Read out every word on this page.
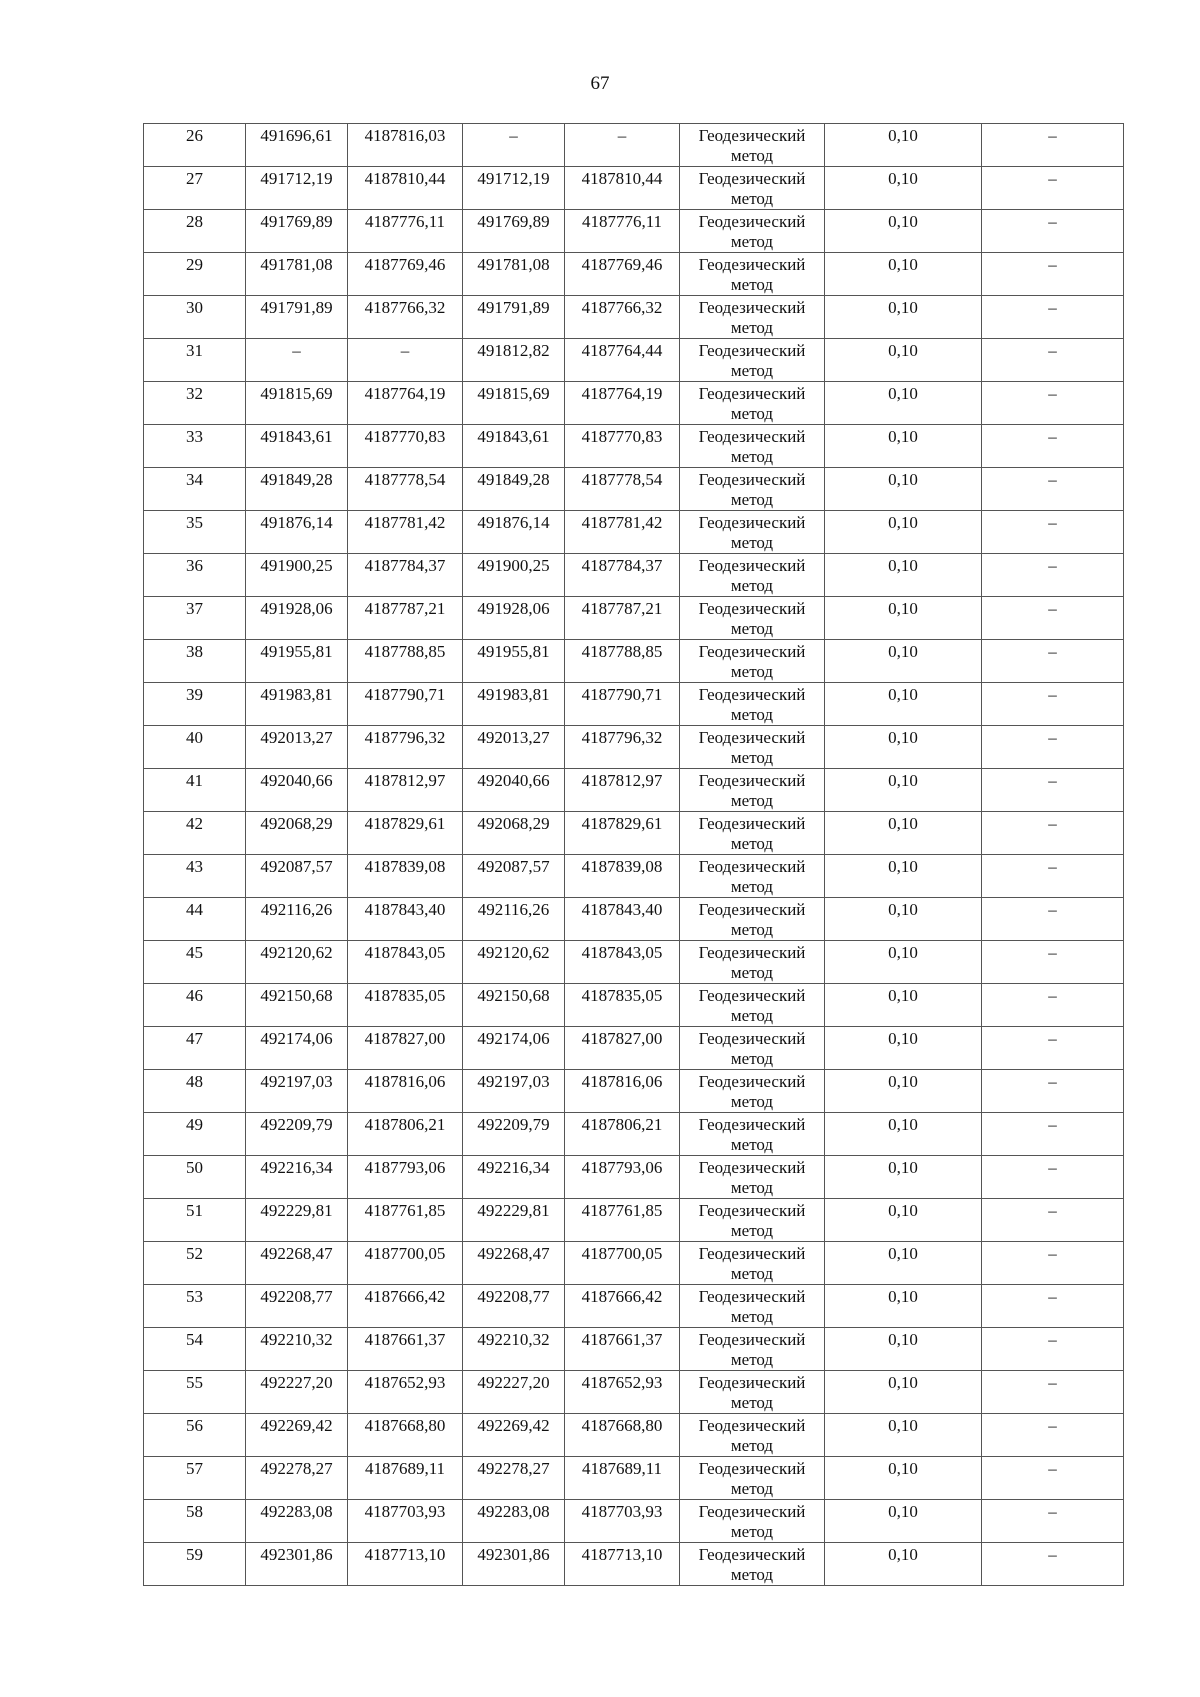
67
26	491696,61	4187816,03	–	–	Геодезический метод	0,10	–
27	491712,19	4187810,44	491712,19	4187810,44	Геодезический метод	0,10	–
28	491769,89	4187776,11	491769,89	4187776,11	Геодезический метод	0,10	–
29	491781,08	4187769,46	491781,08	4187769,46	Геодезический метод	0,10	–
30	491791,89	4187766,32	491791,89	4187766,32	Геодезический метод	0,10	–
31	–	–	491812,82	4187764,44	Геодезический метод	0,10	–
32	491815,69	4187764,19	491815,69	4187764,19	Геодезический метод	0,10	–
33	491843,61	4187770,83	491843,61	4187770,83	Геодезический метод	0,10	–
34	491849,28	4187778,54	491849,28	4187778,54	Геодезический метод	0,10	–
35	491876,14	4187781,42	491876,14	4187781,42	Геодезический метод	0,10	–
36	491900,25	4187784,37	491900,25	4187784,37	Геодезический метод	0,10	–
37	491928,06	4187787,21	491928,06	4187787,21	Геодезический метод	0,10	–
38	491955,81	4187788,85	491955,81	4187788,85	Геодезический метод	0,10	–
39	491983,81	4187790,71	491983,81	4187790,71	Геодезический метод	0,10	–
40	492013,27	4187796,32	492013,27	4187796,32	Геодезический метод	0,10	–
41	492040,66	4187812,97	492040,66	4187812,97	Геодезический метод	0,10	–
42	492068,29	4187829,61	492068,29	4187829,61	Геодезический метод	0,10	–
43	492087,57	4187839,08	492087,57	4187839,08	Геодезический метод	0,10	–
44	492116,26	4187843,40	492116,26	4187843,40	Геодезический метод	0,10	–
45	492120,62	4187843,05	492120,62	4187843,05	Геодезический метод	0,10	–
46	492150,68	4187835,05	492150,68	4187835,05	Геодезический метод	0,10	–
47	492174,06	4187827,00	492174,06	4187827,00	Геодезический метод	0,10	–
48	492197,03	4187816,06	492197,03	4187816,06	Геодезический метод	0,10	–
49	492209,79	4187806,21	492209,79	4187806,21	Геодезический метод	0,10	–
50	492216,34	4187793,06	492216,34	4187793,06	Геодезический метод	0,10	–
51	492229,81	4187761,85	492229,81	4187761,85	Геодезический метод	0,10	–
52	492268,47	4187700,05	492268,47	4187700,05	Геодезический метод	0,10	–
53	492208,77	4187666,42	492208,77	4187666,42	Геодезический метод	0,10	–
54	492210,32	4187661,37	492210,32	4187661,37	Геодезический метод	0,10	–
55	492227,20	4187652,93	492227,20	4187652,93	Геодезический метод	0,10	–
56	492269,42	4187668,80	492269,42	4187668,80	Геодезический метод	0,10	–
57	492278,27	4187689,11	492278,27	4187689,11	Геодезический метод	0,10	–
58	492283,08	4187703,93	492283,08	4187703,93	Геодезический метод	0,10	–
59	492301,86	4187713,10	492301,86	4187713,10	Геодезический метод	0,10	–
